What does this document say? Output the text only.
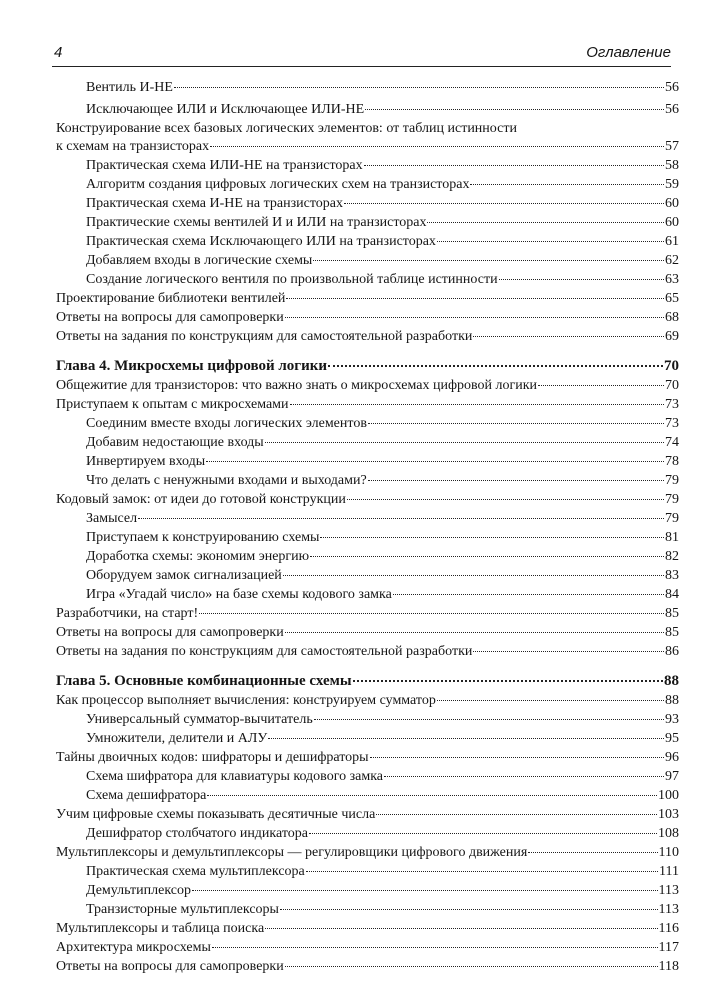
4	Оглавление
Вентиль И-НЕ	56
Исключающее ИЛИ и Исключающее ИЛИ-НЕ	56
Конструирование всех базовых логических элементов: от таблиц истинности
к схемам на транзисторах	57
Практическая схема ИЛИ-НЕ на транзисторах	58
Алгоритм создания цифровых логических схем на транзисторах	59
Практическая схема И-НЕ на транзисторах	60
Практические схемы вентилей И и ИЛИ на транзисторах	60
Практическая схема Исключающего ИЛИ на транзисторах	61
Добавляем входы в логические схемы	62
Создание логического вентиля по произвольной таблице истинности	63
Проектирование библиотеки вентилей	65
Ответы на вопросы для самопроверки	68
Ответы на задания по конструкциям для самостоятельной разработки	69
Глава 4. Микросхемы цифровой логики	70
Общежитие для транзисторов: что важно знать о микросхемах цифровой логики	70
Приступаем к опытам с микросхемами	73
Соединим вместе входы логических элементов	73
Добавим недостающие входы	74
Инвертируем входы	78
Что делать с ненужными входами и выходами?	79
Кодовый замок: от идеи до готовой конструкции	79
Замысел	79
Приступаем к конструированию схемы	81
Доработка схемы: экономим энергию	82
Оборудуем замок сигнализацией	83
Игра «Угадай число» на базе схемы кодового замка	84
Разработчики, на старт!	85
Ответы на вопросы для самопроверки	85
Ответы на задания по конструкциям для самостоятельной разработки	86
Глава 5. Основные комбинационные схемы	88
Как процессор выполняет вычисления: конструируем сумматор	88
Универсальный сумматор-вычитатель	93
Умножители, делители и АЛУ	95
Тайны двоичных кодов: шифраторы и дешифраторы	96
Схема шифратора для клавиатуры кодового замка	97
Схема дешифратора	100
Учим цифровые схемы показывать десятичные числа	103
Дешифратор столбчатого индикатора	108
Мультиплексоры и демультиплексоры — регулировщики цифрового движения	110
Практическая схема мультиплексора	111
Демультиплексор	113
Транзисторные мультиплексоры	113
Мультиплексоры и таблица поиска	116
Архитектура микросхемы	117
Ответы на вопросы для самопроверки	118
